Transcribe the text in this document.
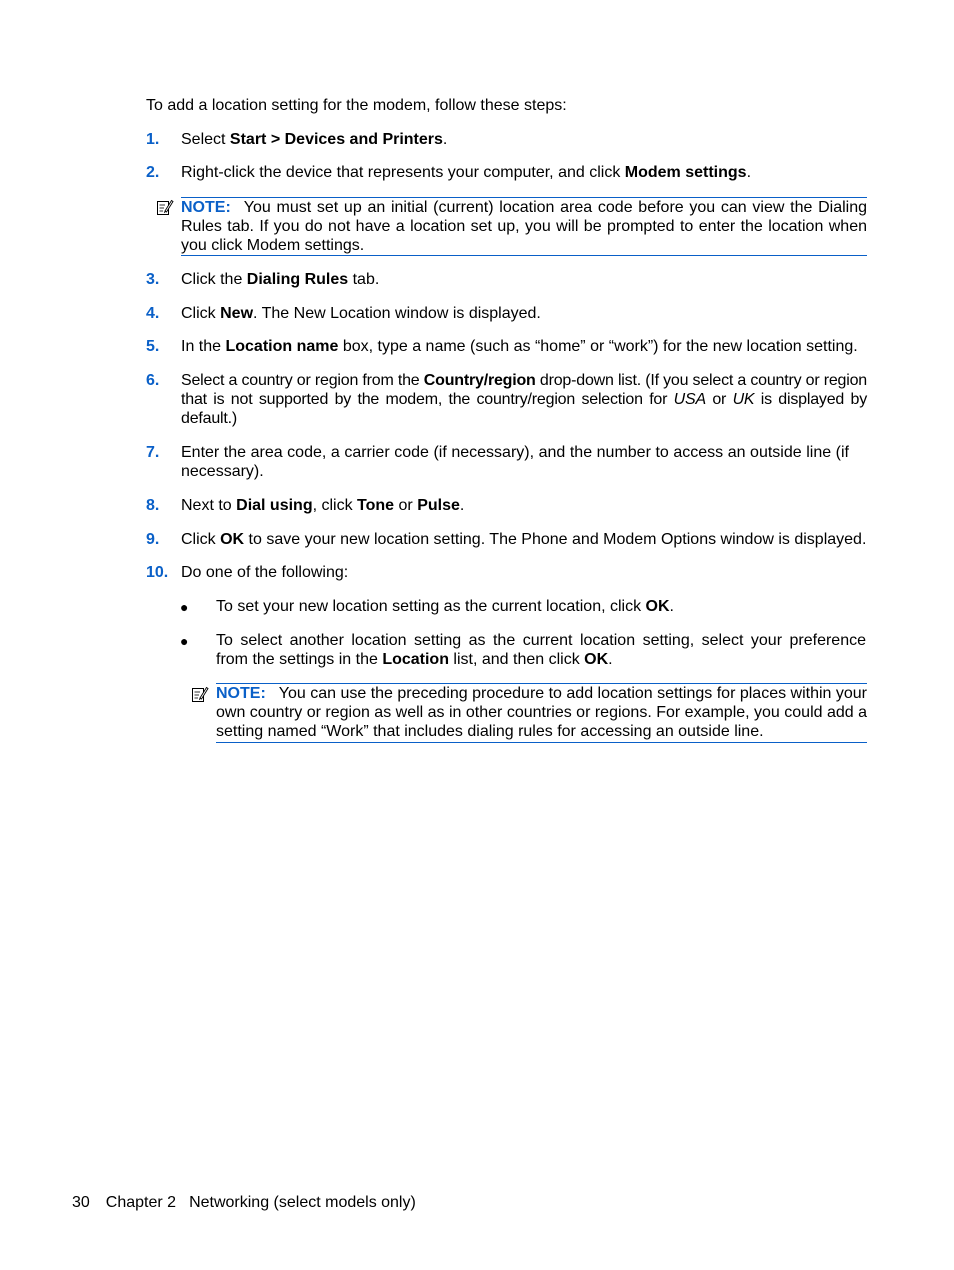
To add a location setting for the modem, follow these steps:
1. Select Start > Devices and Printers.
2. Right-click the device that represents your computer, and click Modem settings.
NOTE: You must set up an initial (current) location area code before you can view the Dialing Rules tab. If you do not have a location set up, you will be prompted to enter the location when you click Modem settings.
3. Click the Dialing Rules tab.
4. Click New. The New Location window is displayed.
5. In the Location name box, type a name (such as “home” or “work”) for the new location setting.
6. Select a country or region from the Country/region drop-down list. (If you select a country or region that is not supported by the modem, the country/region selection for USA or UK is displayed by default.)
7. Enter the area code, a carrier code (if necessary), and the number to access an outside line (if necessary).
8. Next to Dial using, click Tone or Pulse.
9. Click OK to save your new location setting. The Phone and Modem Options window is displayed.
10. Do one of the following:
● To set your new location setting as the current location, click OK.
● To select another location setting as the current location setting, select your preference from the settings in the Location list, and then click OK.
NOTE: You can use the preceding procedure to add location settings for places within your own country or region as well as in other countries or regions. For example, you could add a setting named “Work” that includes dialing rules for accessing an outside line.
30 Chapter 2 Networking (select models only)
